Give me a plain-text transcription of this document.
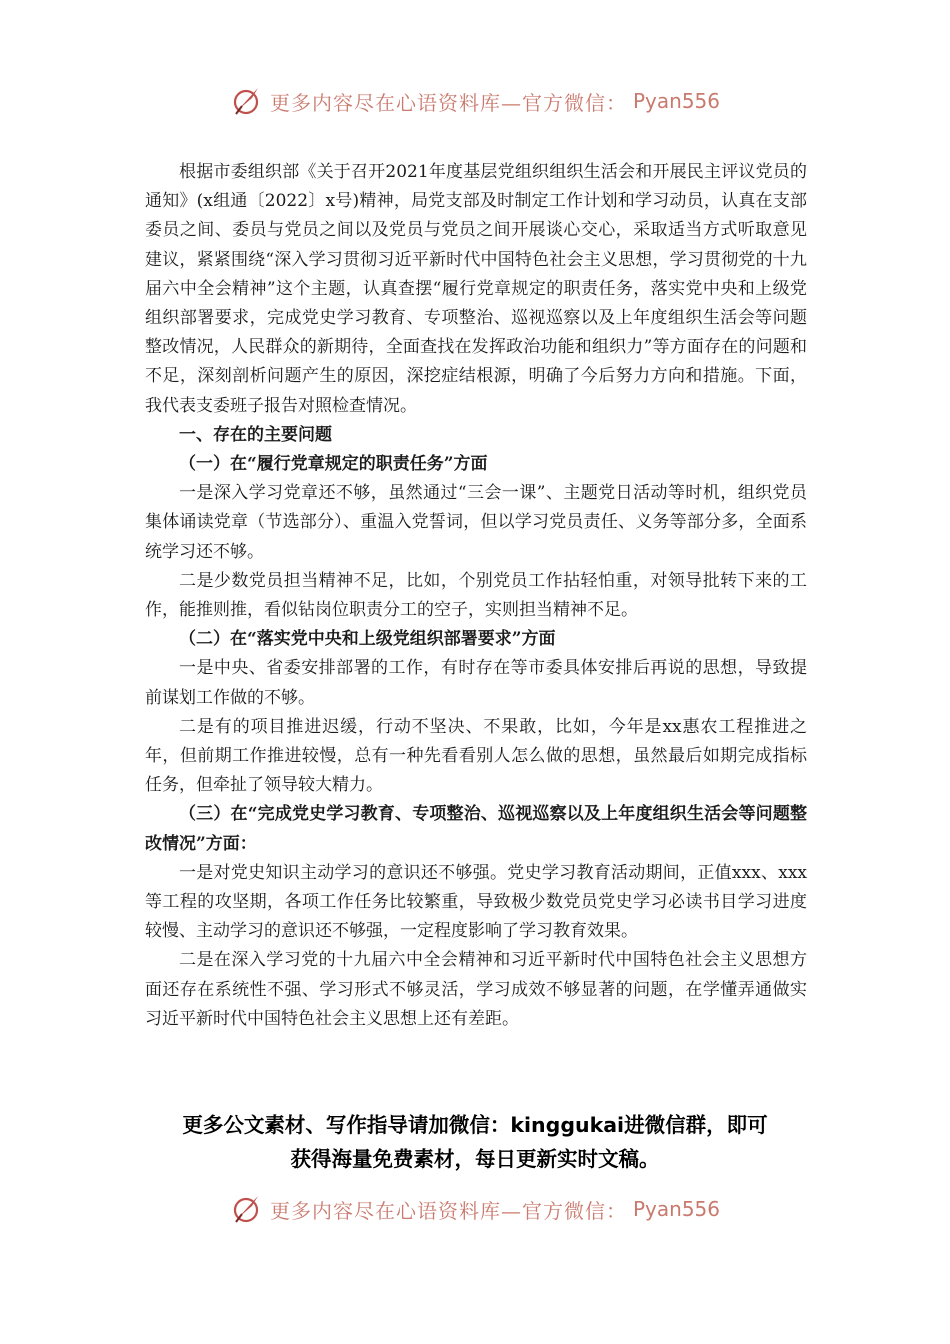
更多内容尽在心语资料库—官方微信： Pyan556

根据市委组织部《关于召开2021年度基层党组织组织生活会和开展民主评议党员的通知》(x组通〔2022〕x号)精神，局党支部及时制定工作计划和学习动员，认真在支部委员之间、委员与党员之间以及党员与党员之间开展谈心交心，采取适当方式听取意见建议，紧紧围绕“深入学习贯彻习近平新时代中国特色社会主义思想，学习贯彻党的十九届六中全会精神”这个主题，认真查摆“履行党章规定的职责任务，落实党中央和上级党组织部署要求，完成党史学习教育、专项整治、巡视巡察以及上年度组织生活会等问题整改情况，人民群众的新期待，全面查找在发挥政治功能和组织力”等方面存在的问题和不足，深刻剖析问题产生的原因，深挖症结根源，明确了今后努力方向和措施。下面，我代表支委班子报告对照检查情况。

一、存在的主要问题

（一）在“履行党章规定的职责任务”方面

一是深入学习党章还不够，虽然通过“三会一课”、主题党日活动等时机，组织党员集体诵读党章（节选部分）、重温入党誓词，但以学习党员责任、义务等部分多，全面系统学习还不够。

二是少数党员担当精神不足，比如，个别党员工作拈轻怕重，对领导批转下来的工作，能推则推，看似钻岗位职责分工的空子，实则担当精神不足。

（二）在“落实党中央和上级党组织部署要求”方面

一是中央、省委安排部署的工作，有时存在等市委具体安排后再说的思想，导致提前谋划工作做的不够。

二是有的项目推进迟缓，行动不坚决、不果敢，比如，今年是xx惠农工程推进之年，但前期工作推进较慢，总有一种先看看别人怎么做的思想，虽然最后如期完成指标任务，但牵扯了领导较大精力。

（三）在“完成党史学习教育、专项整治、巡视巡察以及上年度组织生活会等问题整改情况”方面：

一是对党史知识主动学习的意识还不够强。党史学习教育活动期间，正值xxx、xxx等工程的攻坚期，各项工作任务比较繁重，导致极少数党员党史学习必读书目学习进度较慢、主动学习的意识还不够强，一定程度影响了学习教育效果。

二是在深入学习党的十九届六中全会精神和习近平新时代中国特色社会主义思想方面还存在系统性不强、学习形式不够灵活，学习成效不够显著的问题，在学懂弄通做实习近平新时代中国特色社会主义思想上还有差距。

更多公文素材、写作指导请加微信：kinggukai进微信群，即可
获得海量免费素材，每日更新实时文稿。
更多内容尽在心语资料库—官方微信： Pyan556
